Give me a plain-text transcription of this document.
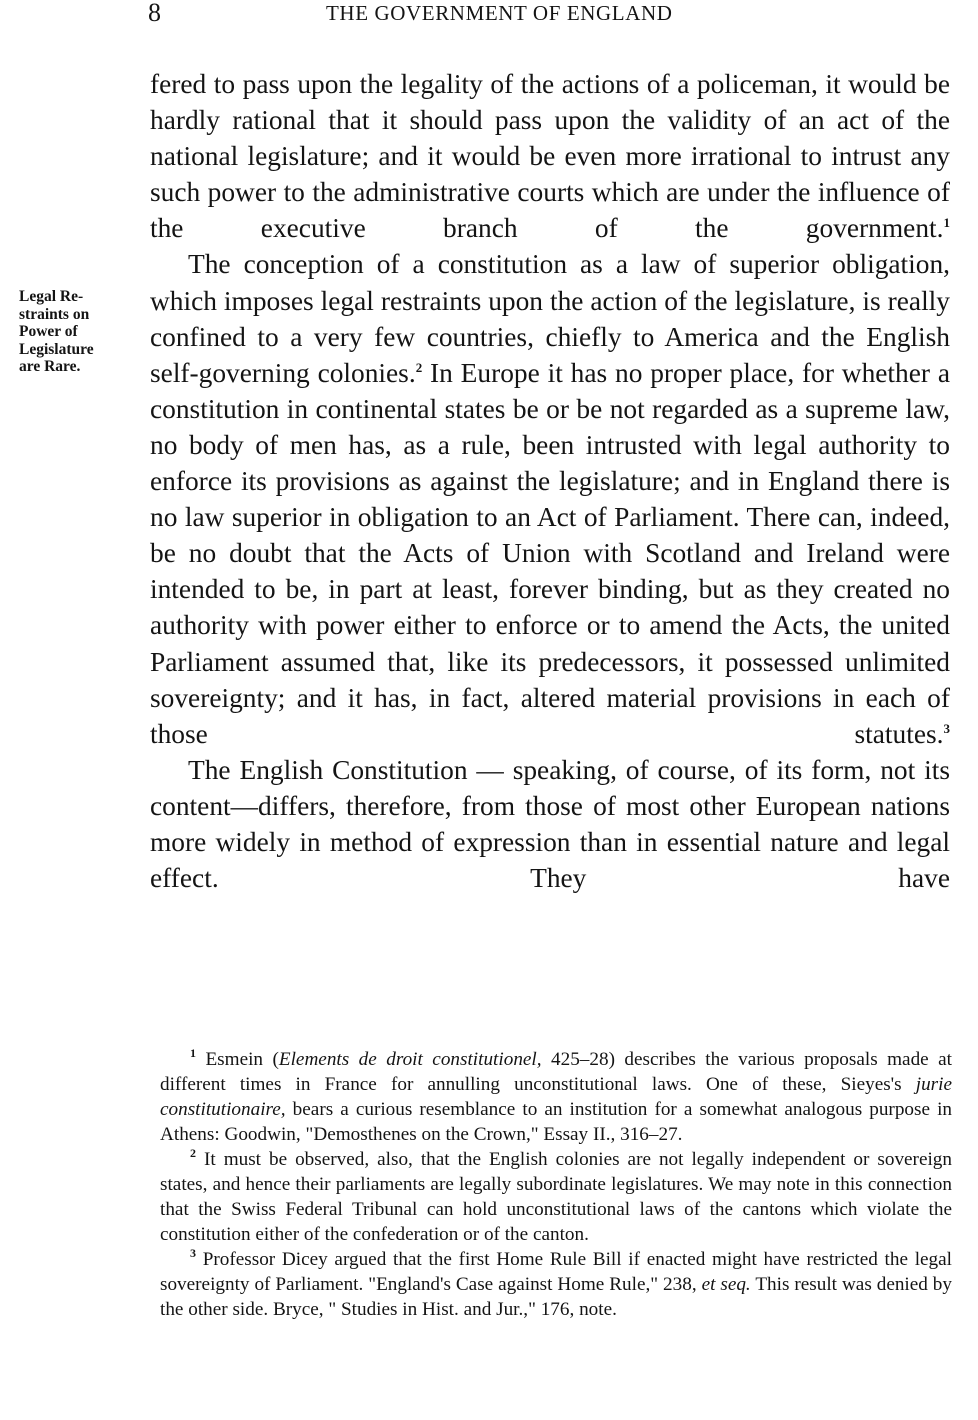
8	THE GOVERNMENT OF ENGLAND
Legal Re-
straints on
Power of
Legislature
are Rare.

fered to pass upon the legality of the actions of a policeman, it would be hardly rational that it should pass upon the validity of an act of the national legislature; and it would be even more irrational to intrust any such power to the administrative courts which are under the influence of the executive branch of the government.$^1$

The conception of a constitution as a law of superior obligation, which imposes legal restraints upon the action of the legislature, is really confined to a very few countries, chiefly to America and the English self-governing colonies.$^2$ In Europe it has no proper place, for whether a constitution in continental states be or be not regarded as a supreme law, no body of men has, as a rule, been intrusted with legal authority to enforce its provisions as against the legislature; and in England there is no law superior in obligation to an Act of Parliament. There can, indeed, be no doubt that the Acts of Union with Scotland and Ireland were intended to be, in part at least, forever binding, but as they created no authority with power either to enforce or to amend the Acts, the united Parliament assumed that, like its predecessors, it possessed unlimited sovereignty; and it has, in fact, altered material provisions in each of those statutes.$^3$

The English Constitution — speaking, of course, of its form, not its content—differs, therefore, from those of most other European nations more widely in method of expression than in essential nature and legal effect. They have

$^1$ Esmein (Elements de droit constitutionel, 425–28) describes the various proposals made at different times in France for annulling unconstitutional laws. One of these, Sieyes's jurie constitutionaire, bears a curious resemblance to an institution for a somewhat analogous purpose in Athens: Goodwin, "Demosthenes on the Crown," Essay II., 316–27.

$^2$ It must be observed, also, that the English colonies are not legally independent or sovereign states, and hence their parliaments are legally subordinate legislatures. We may note in this connection that the Swiss Federal Tribunal can hold unconstitutional laws of the cantons which violate the constitution either of the confederation or of the canton.

$^3$ Professor Dicey argued that the first Home Rule Bill if enacted might have restricted the legal sovereignty of Parliament. "England's Case against Home Rule," 238, et seq. This result was denied by the other side. Bryce, " Studies in Hist. and Jur.," 176, note.
